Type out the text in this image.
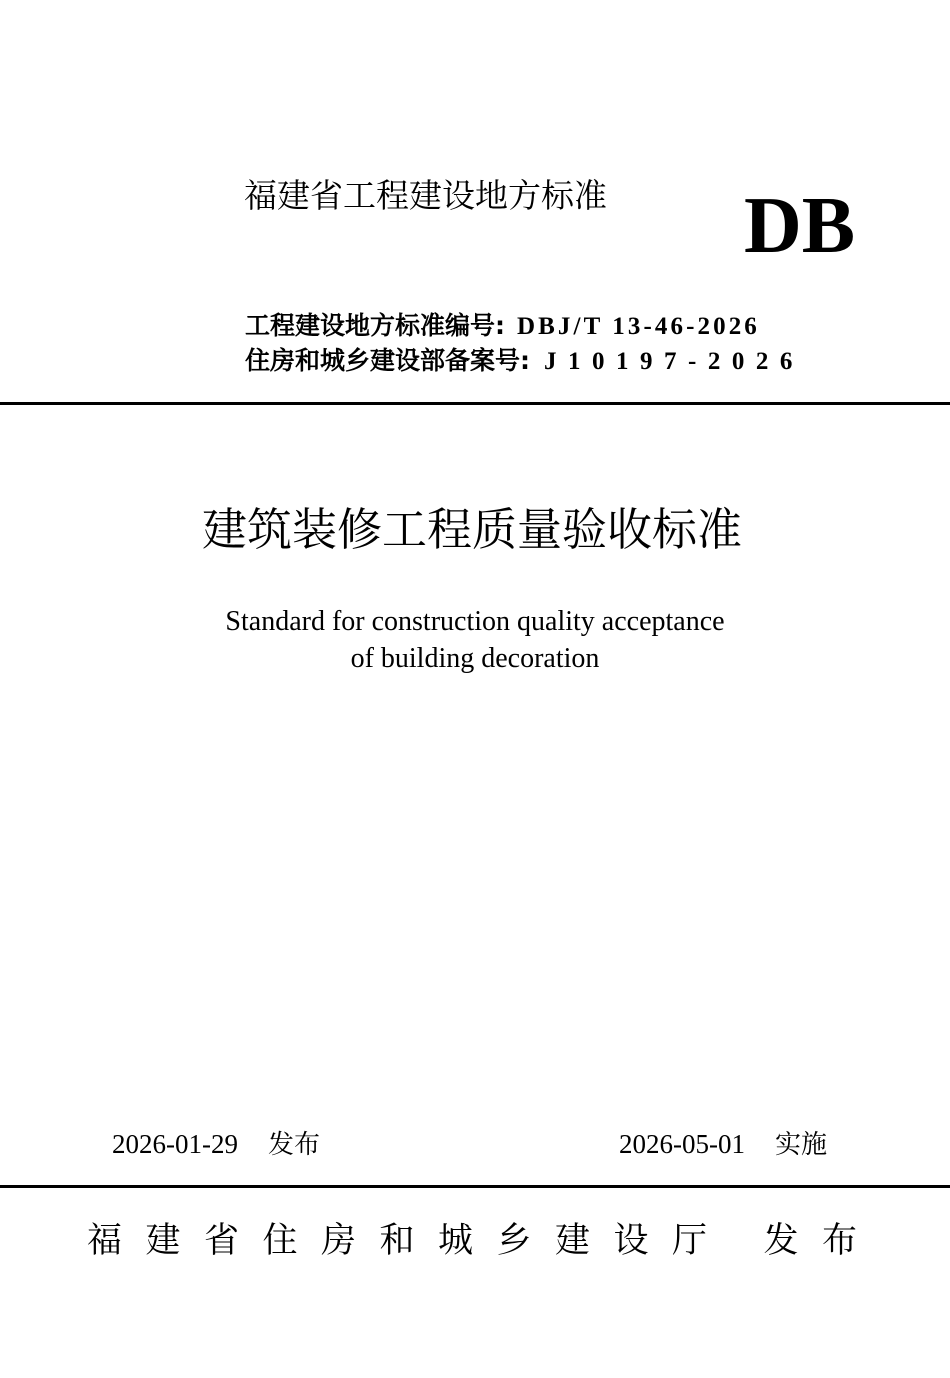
福建省工程建设地方标准 DB
工程建设地方标准编号: DBJ/T 13-46-2026
住房和城乡建设部备案号: J10197-2026
建筑装修工程质量验收标准
Standard for construction quality acceptance
of building decoration
2026-01-29 发布	2026-05-01 实施
福建省住房和城乡建设厅 发布
